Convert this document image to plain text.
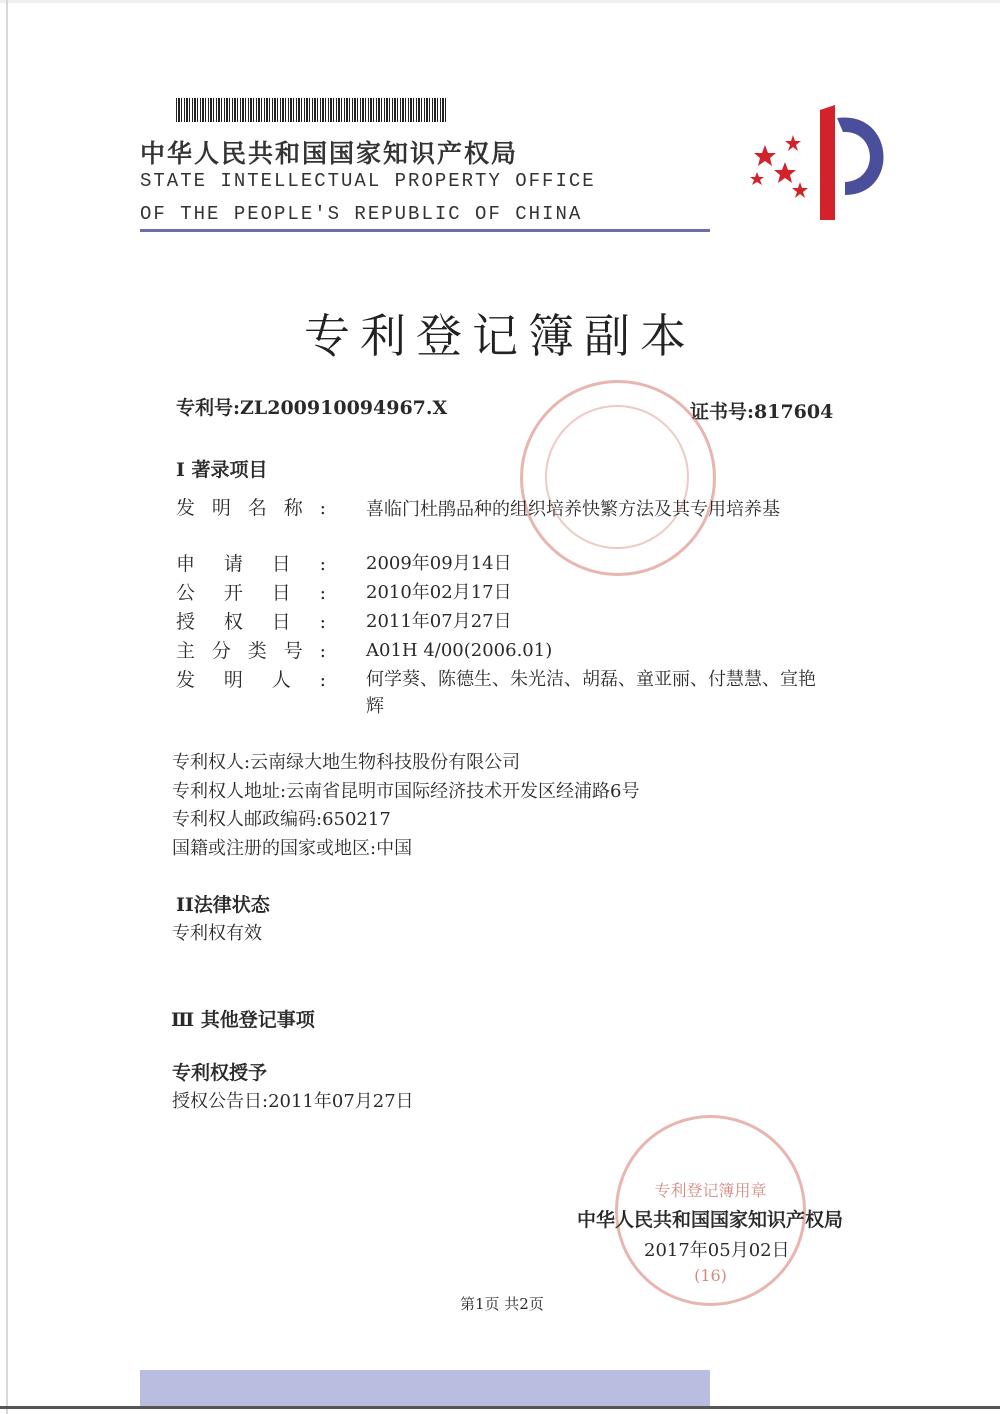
中华人民共和国国家知识产权局
STATE INTELLECTUAL PROPERTY OFFICE
OF THE PEOPLE'S REPUBLIC OF CHINA
专利登记簿副本
专利号:ZL200910094967.X	证书号:817604
I 著录项目
发明名称: 喜临门杜鹃品种的组织培养快繁方法及其专用培养基
申请日: 2009年09月14日
公开日: 2010年02月17日
授权日: 2011年07月27日
主分类号: A01H 4/00(2006.01)
发明人: 何学葵、陈德生、朱光洁、胡磊、童亚丽、付慧慧、宣艳辉
专利权人:云南绿大地生物科技股份有限公司
专利权人地址:云南省昆明市国际经济技术开发区经浦路6号
专利权人邮政编码:650217
国籍或注册的国家或地区:中国
II法律状态
专利权有效
Ⅲ 其他登记事项
专利权授予
授权公告日:2011年07月27日
专利登记簿用章
(16)
中华人民共和国国家知识产权局
2017年05月02日
第1页 共2页
